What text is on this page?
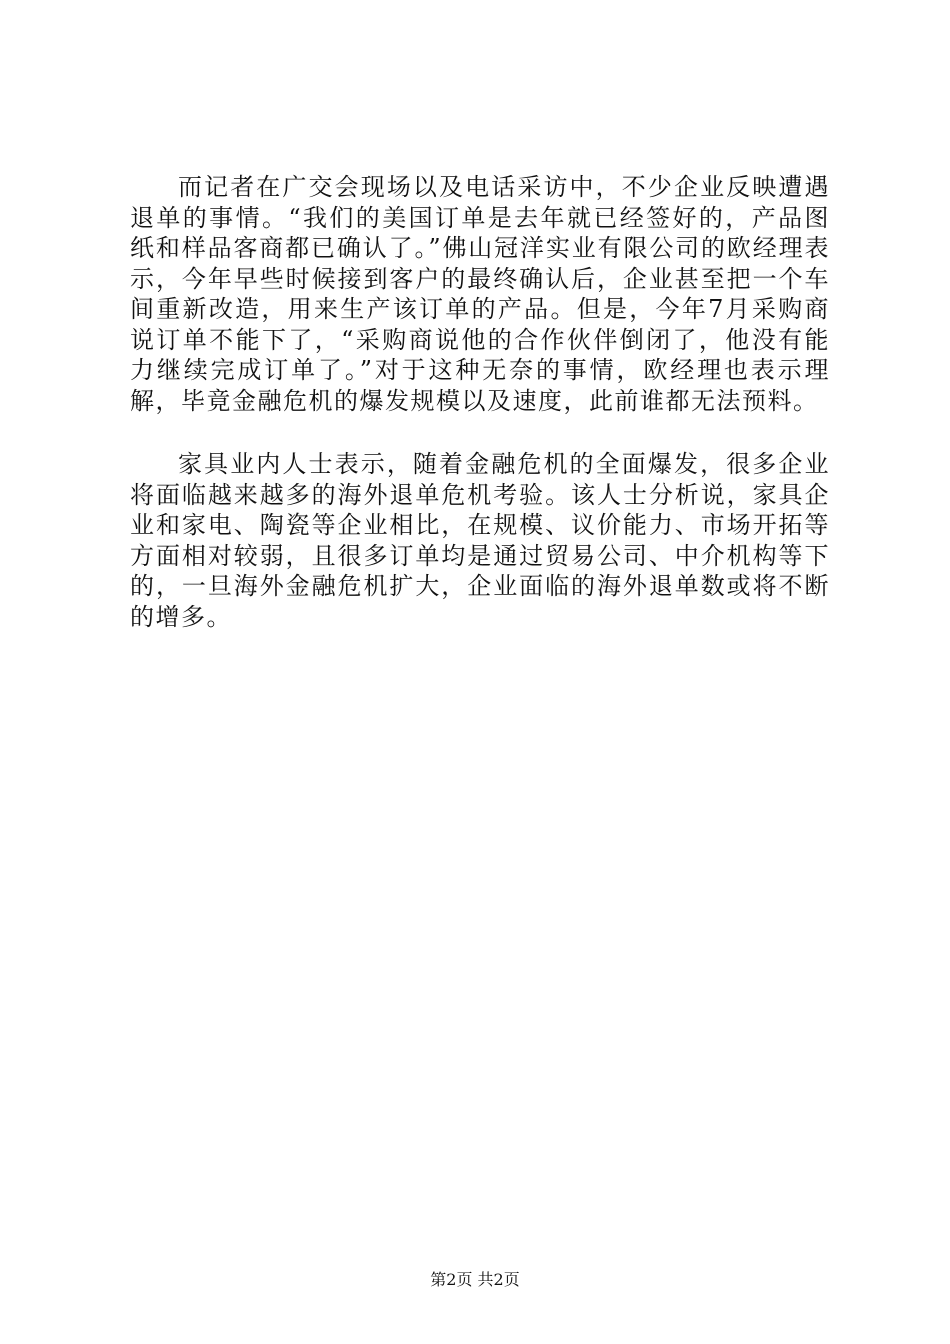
而记者在广交会现场以及电话采访中，不少企业反映遭遇退单的事情。“我们的美国订单是去年就已经签好的，产品图纸和样品客商都已确认了。”佛山冠洋实业有限公司的欧经理表示，今年早些时候接到客户的最终确认后，企业甚至把一个车间重新改造，用来生产该订单的产品。但是，今年7月采购商说订单不能下了，“采购商说他的合作伙伴倒闭了，他没有能力继续完成订单了。”对于这种无奈的事情，欧经理也表示理解，毕竟金融危机的爆发规模以及速度，此前谁都无法预料。

家具业内人士表示，随着金融危机的全面爆发，很多企业将面临越来越多的海外退单危机考验。该人士分析说，家具企业和家电、陶瓷等企业相比，在规模、议价能力、市场开拓等方面相对较弱，且很多订单均是通过贸易公司、中介机构等下的，一旦海外金融危机扩大，企业面临的海外退单数或将不断的增多。

第2页 共2页
